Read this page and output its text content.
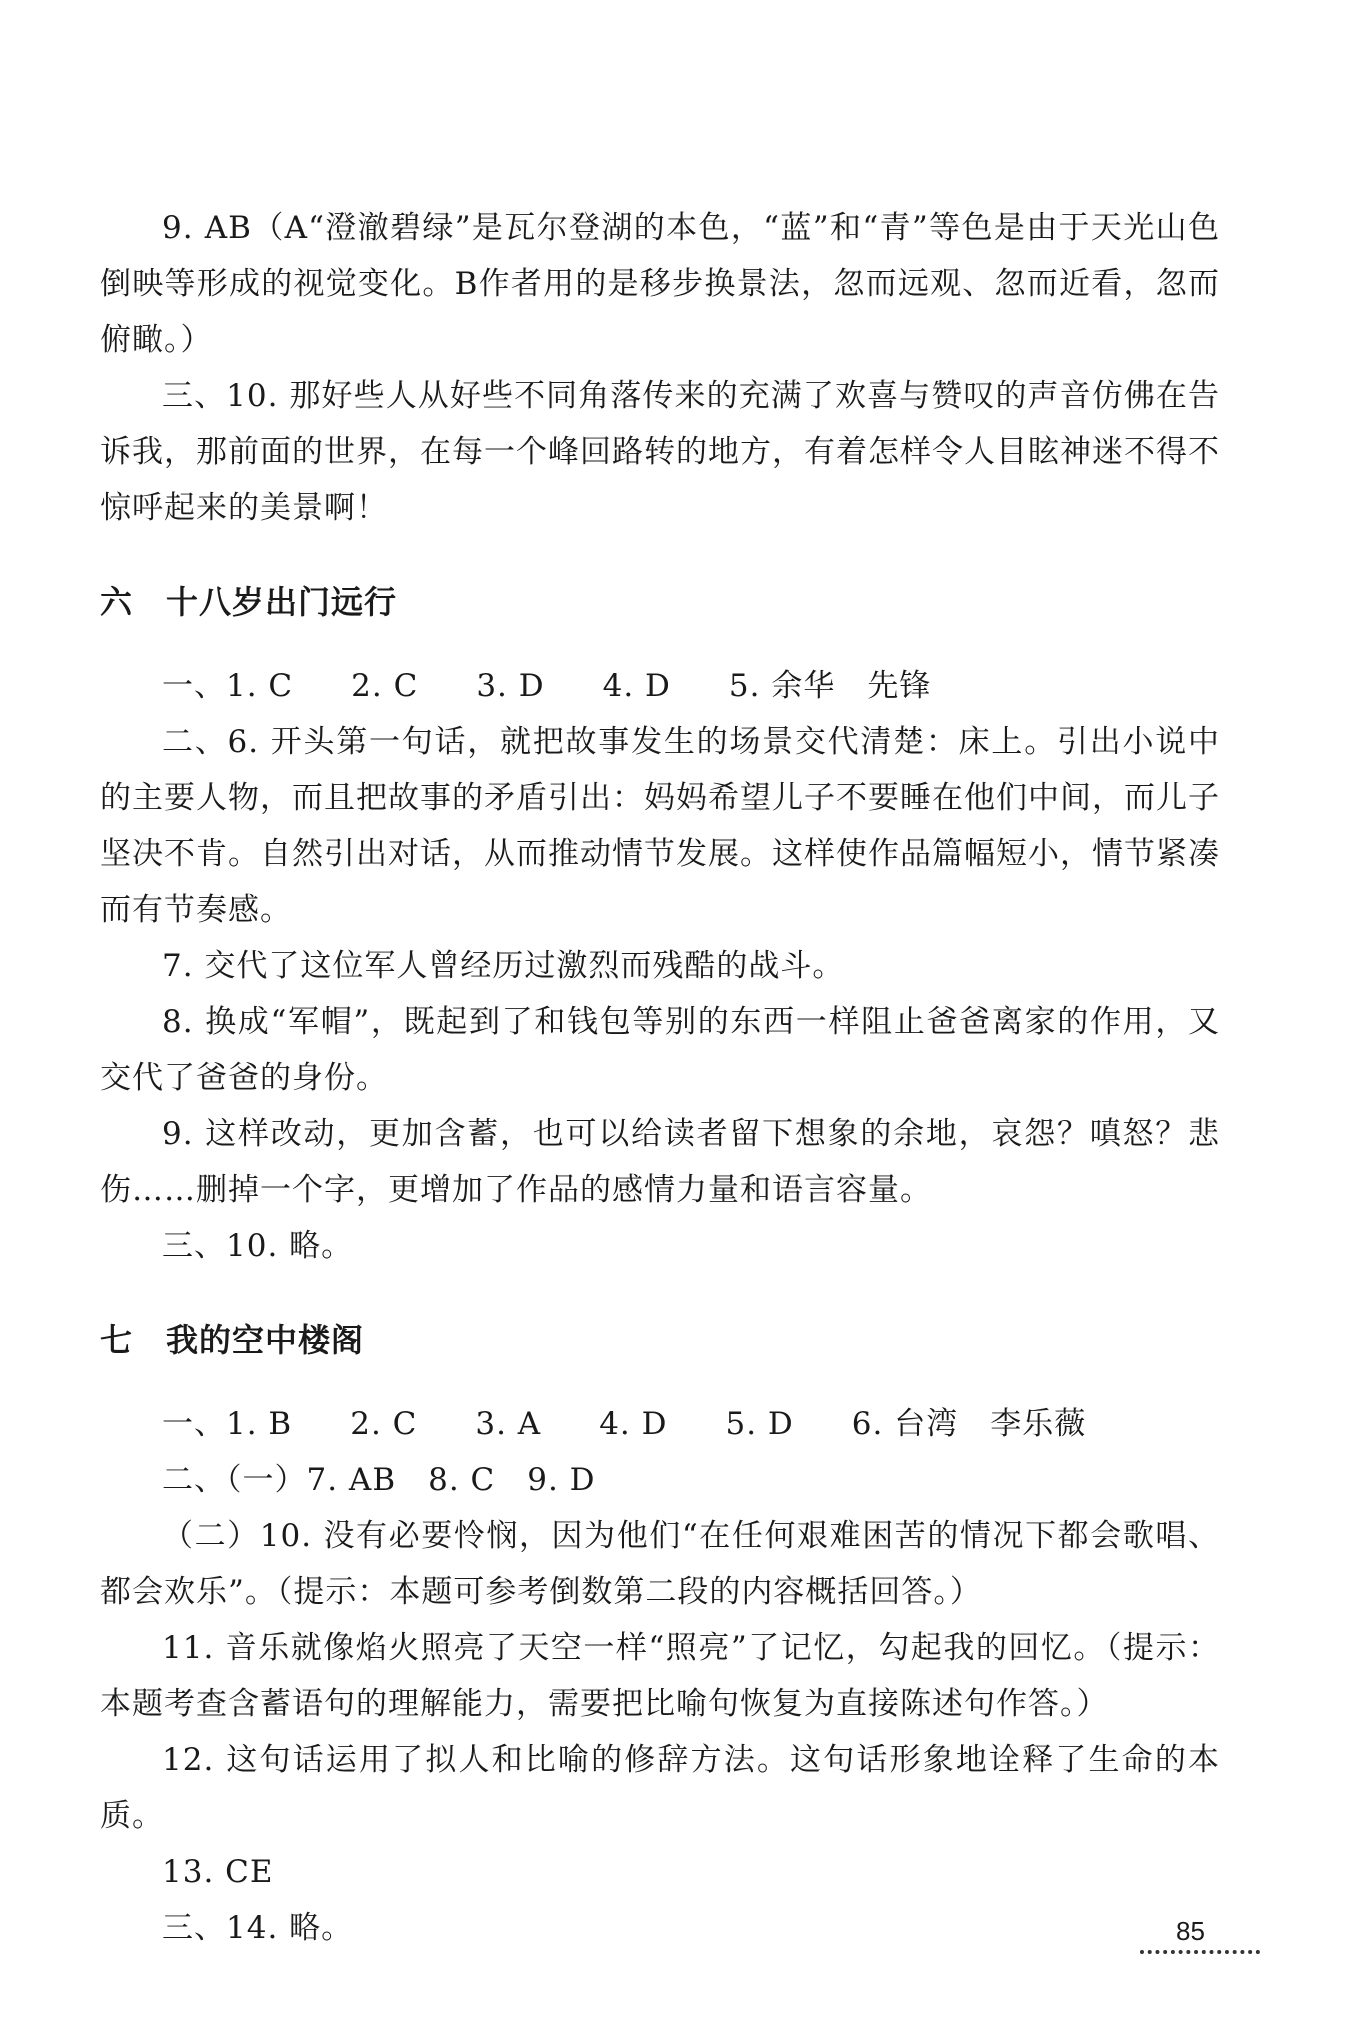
9. AB（A“澄澈碧绿”是瓦尔登湖的本色，“蓝”和“青”等色是由于天光山色倒映等形成的视觉变化。B作者用的是移步换景法，忽而远观、忽而近看，忽而俯瞰。）

三、10. 那好些人从好些不同角落传来的充满了欢喜与赞叹的声音仿佛在告诉我，那前面的世界，在每一个峰回路转的地方，有着怎样令人目眩神迷不得不惊呼起来的美景啊！

六　十八岁出门远行

一、1. C 2. C 3. D 4. D 5. 余华　先锋

二、6. 开头第一句话，就把故事发生的场景交代清楚：床上。引出小说中的主要人物，而且把故事的矛盾引出：妈妈希望儿子不要睡在他们中间，而儿子坚决不肯。自然引出对话，从而推动情节发展。这样使作品篇幅短小，情节紧凑而有节奏感。

7. 交代了这位军人曾经历过激烈而残酷的战斗。

8. 换成“军帽”，既起到了和钱包等别的东西一样阻止爸爸离家的作用，又交代了爸爸的身份。

9. 这样改动，更加含蓄，也可以给读者留下想象的余地，哀怨？嗔怒？悲伤……删掉一个字，更增加了作品的感情力量和语言容量。

三、10. 略。

七　我的空中楼阁

一、1. B 2. C 3. A 4. D 5. D 6. 台湾　李乐薇

二、（一）7. AB　8. C　9. D

（二）10. 没有必要怜悯，因为他们“在任何艰难困苦的情况下都会歌唱、都会欢乐”。（提示：本题可参考倒数第二段的内容概括回答。）

11. 音乐就像焰火照亮了天空一样“照亮”了记忆，勾起我的回忆。（提示：本题考查含蓄语句的理解能力，需要把比喻句恢复为直接陈述句作答。）

12. 这句话运用了拟人和比喻的修辞方法。这句话形象地诠释了生命的本质。

13. CE

三、14. 略。	85
